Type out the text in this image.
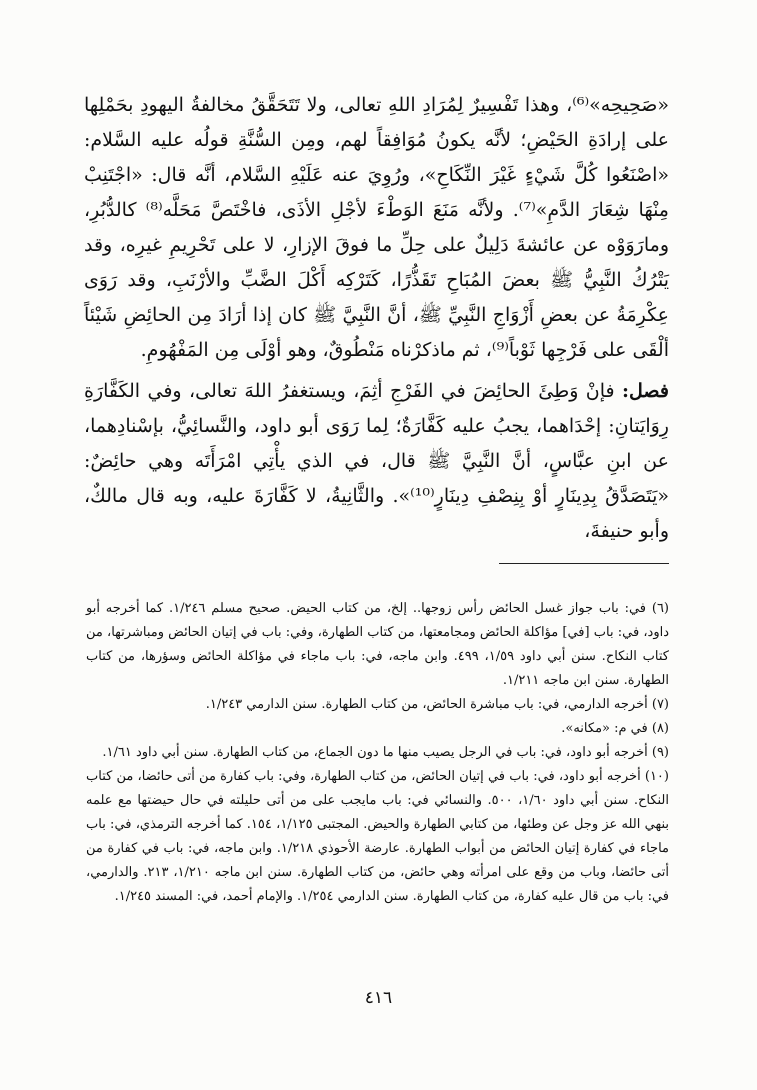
«صَحِيحِه»⁽⁶⁾، وهذا تَفْسِيرٌ لِمُرَادِ اللهِ تعالى، ولا تَتَحَقَّقُ مخالفةُ اليهودِ بحَمْلِها على إرادَةِ الحَيْضِ؛ لأنَّه يكونُ مُوَافِقاً لهم، ومِن السُّنَّةِ قولُه عليه السَّلام: «اصْنَعُوا كُلَّ شَيْءٍ غَيْرَ النِّكَاحِ»، ورُوِيَ عنه عَلَيْهِ السَّلام، أنَّه قال: «اجْتَنِبْ مِنْهَا شِعَارَ الدَّمِ»⁽⁷⁾. ولأنَّه مَنَعَ الوَطْءَ لأجْلِ الأذَى، فاخْتَصَّ مَحَلَّه⁽⁸⁾ كالدُّبُرِ، ومارَوَوْه عن عائشةَ دَلِيلٌ على حِلِّ ما فوقَ الإزارِ، لا على تَحْرِيمِ غيرِه، وقد يَتْرُكُ النَّبِيُّ ﷺ بعضَ المُبَاحِ تَقَذُّرًا، كَتَرْكِه أَكْلَ الضَّبِّ والأرْنَبِ، وقد رَوَى عِكْرِمَةُ عن بعضِ أَزْوَاجِ النَّبِيِّ ﷺ، أنَّ النَّبِيَّ ﷺ كان إذا أرَادَ مِن الحائِضِ شَيْئاً ألْقَى على فَرْجِها ثَوْباً⁽⁹⁾، ثم ماذكرْناه مَنْطُوقٌ، وهو أوْلَى مِن المَفْهُومِ.

فصل: فإنْ وَطِئَ الحائِضَ في الفَرْجِ أثِمَ، ويستغفرُ اللهَ تعالى، وفي الكَفَّارَةِ رِوَايَتانِ: إحْدَاهما، يجبُ عليه كَفَّارَةٌ؛ لِما رَوَى أبو داود، والنَّسائِيُّ، بإسْنادِهما، عن ابنِ عبَّاسٍ، أنَّ النَّبِيَّ ﷺ قال، في الذي يأْتِي امْرَأَتَه وهي حائِضٌ: «يَتَصَدَّقُ بِدِينَارٍ أوْ بِنِصْفِ دِينَارٍ⁽¹⁰⁾». والثَّانِيةُ، لا كَفَّارَةَ عليه، وبه قال مالكٌ، وأبو حنيفةَ،

(٦) في: باب جواز غسل الحائض رأس زوجها.. إلخ، من كتاب الحيض. صحيح مسلم ١/٢٤٦. كما أخرجه أبو داود، في: باب [في] مؤاكلة الحائض ومجامعتها، من كتاب الطهارة، وفي: باب في إتيان الحائض ومباشرتها، من كتاب النكاح. سنن أبي داود ١/٥٩، ٤٩٩. وابن ماجه، في: باب ماجاء في مؤاكلة الحائض وسؤرها، من كتاب الطهارة. سنن ابن ماجه ١/٢١١.

(٧) أخرجه الدارمي، في: باب مباشرة الحائض، من كتاب الطهارة. سنن الدارمي ١/٢٤٣.

(٨) في م: «مكانه».

(٩) أخرجه أبو داود، في: باب في الرجل يصيب منها ما دون الجماع، من كتاب الطهارة. سنن أبي داود ١/٦١.

(١٠) أخرجه أبو داود، في: باب في إتيان الحائض، من كتاب الطهارة، وفي: باب كفارة من أتى حائضا، من كتاب النكاح. سنن أبي داود ١/٦٠، ٥٠٠. والنسائي في: باب مايجب على من أتى حليلته في حال حيضتها مع علمه بنهي الله عز وجل عن وطئها، من كتابي الطهارة والحيض. المجتبى ١/١٢٥، ١٥٤. كما أخرجه الترمذي، في: باب ماجاء في كفارة إتيان الحائض من أبواب الطهارة. عارضة الأحوذي ١/٢١٨. وابن ماجه، في: باب في كفارة من أتى حائضا، وباب من وقع على امرأته وهي حائض، من كتاب الطهارة. سنن ابن ماجه ١/٢١٠، ٢١٣. والدارمي، في: باب من قال عليه كفارة، من كتاب الطهارة. سنن الدارمي ١/٢٥٤. والإمام أحمد، في: المسند ١/٢٤٥.

٤١٦
